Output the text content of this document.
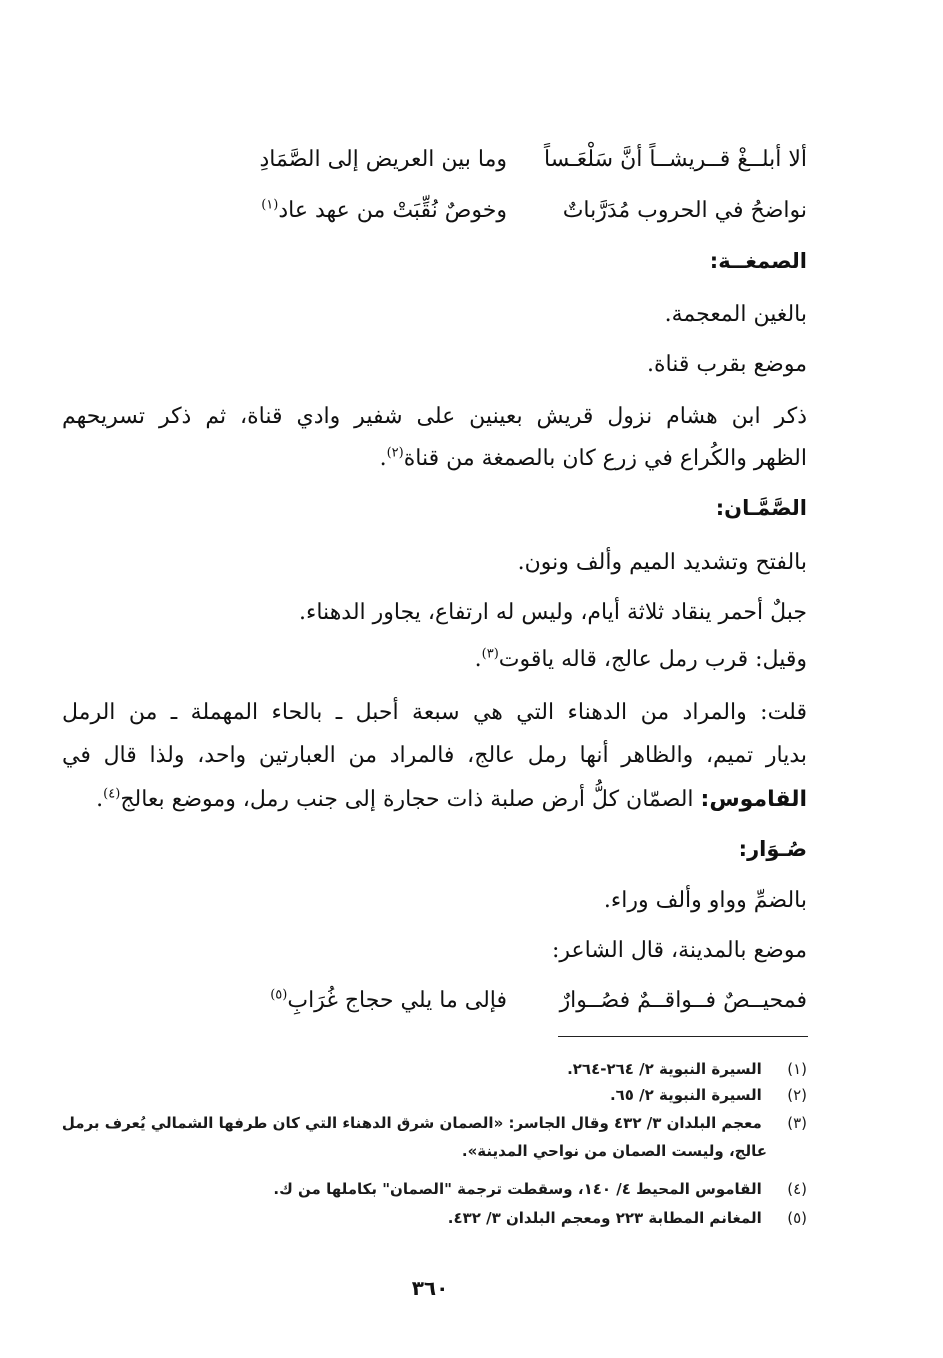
ألا أبلــغْ قــريشــاً أنَّ سَلْعَـساً
وما بين العريض إلى الصَّمَادِ
نواضحُ في الحروب مُدَرَّباتٌ
وخوصٌ نُقِّبَتْ من عهد عاد$^{(١)}$
الصمغــة:
بالغين المعجمة.
موضع بقرب قناة.
ذكر ابن هشام نزول قريش بعينين على شفير وادي قناة، ثم ذكر تسريحهم
الظهر والكُراع في زرع كان بالصمغة من قناة$^{(٢)}$.
الصَّمَّـان:
بالفتح وتشديد الميم وألف ونون.
جبلٌ أحمر ينقاد ثلاثة أيام، وليس له ارتفاع، يجاور الدهناء.
وقيل: قرب رمل عالج، قاله ياقوت$^{(٣)}$.
قلت: والمراد من الدهناء التي هي سبعة أحبل ـ بالحاء المهملة ـ من الرمل
بديار تميم، والظاهر أنها رمل عالج، فالمراد من العبارتين واحد، ولذا قال في
القاموس: الصمّان كلُّ أرض صلبة ذات حجارة إلى جنب رمل، وموضع بعالج$^{(٤)}$.
صُـوَار:
بالضمِّ وواو وألف وراء.
موضع بالمدينة، قال الشاعر:
فمحيــصٌ فــواقــمٌ فصُــوارٌ
فإلى ما يلي حجاج غُرَابِ$^{(٥)}$
(١) السيرة النبوية ٢/ ٢٦٤-٢٦٤.
(٢) السيرة النبوية ٢/ ٦٥.
(٣) معجم البلدان ٣/ ٤٣٢ وقال الجاسر: «الصمان شرق الدهناء التي كان طرفها الشمالي يُعرف برمل
عالج، وليست الصمان من نواحي المدينة».
(٤) القاموس المحيط ٤/ ١٤٠، وسقطت ترجمة "الصمان" بكاملها من ك.
(٥) المغانم المطابة ٢٢٣ ومعجم البلدان ٣/ ٤٣٢.
٣٦٠
